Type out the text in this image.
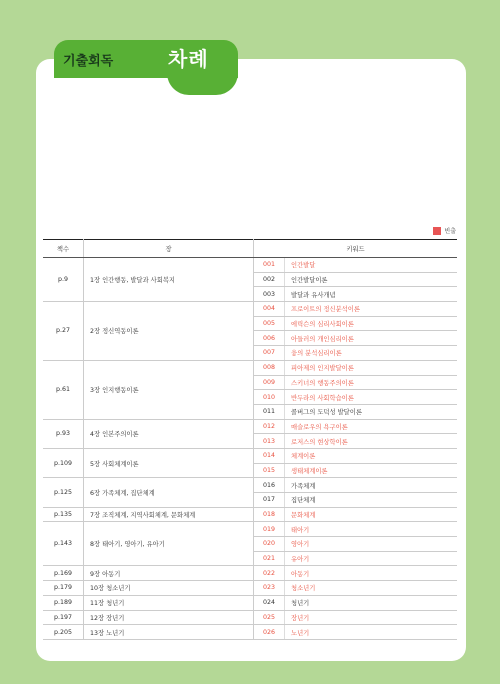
기출회독	차례
빈출
책수	장	키워드	
p.9	1장 인간행동, 발달과 사회복지	001	인간발달
		002	인간발달이론
		003	발달과 유사개념
p.27	2장 정신역동이론	004	프로이트의 정신분석이론
		005	에릭슨의 심리사회이론
		006	아들러의 개인심리이론
		007	융의 분석심리이론
p.61	3장 인지행동이론	008	피아제의 인지발달이론
		009	스키너의 행동주의이론
		010	반두라의 사회학습이론
		011	콜버그의 도덕성 발달이론
p.93	4장 인본주의이론	012	매슬로우의 욕구이론
		013	로저스의 현상학이론
p.109	5장 사회체계이론	014	체계이론
		015	생태체계이론
p.125	6장 가족체계, 집단체계	016	가족체계
		017	집단체계
p.135	7장 조직체계, 지역사회체계, 문화체계	018	문화체계
p.143	8장 태아기, 영아기, 유아기	019	태아기
		020	영아기
		021	유아기
p.169	9장 아동기	022	아동기
p.179	10장 청소년기	023	청소년기
p.189	11장 청년기	024	청년기
p.197	12장 장년기	025	장년기
p.205	13장 노년기	026	노년기
